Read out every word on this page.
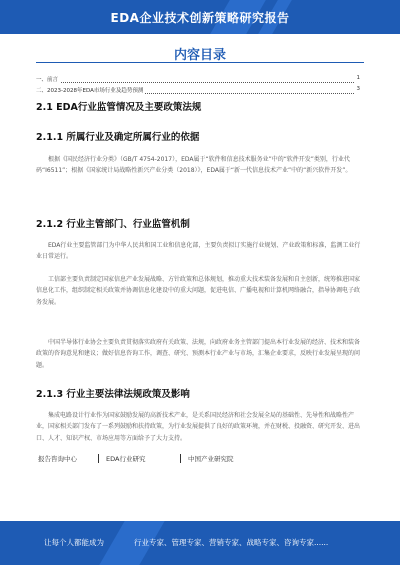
EDA企业技术创新策略研究报告
内容目录
一、前言	1
二、2023-2028年EDA市场行业及趋势预测	3
2.1 EDA行业监管情况及主要政策法规
2.1.1 所属行业及确定所属行业的依据

根据《国民经济行业分类》（GB/T 4754-2017），EDA属于“软件和信息技术服务业”中的“软件开发”类别，行业代码“I6511”；根据《国家统计局战略性新兴产业分类（2018）》，EDA属于“新一代信息技术产业”中的“新兴软件开发”。

2.1.2 行业主管部门、行业监管机制

EDA行业主要监管部门为中华人民共和国工业和信息化部，主要负责拟订实施行业规划、产业政策和标准，监测工业行业日常运行。

工信部主要负责制定国家信息产业发展战略、方针政策和总体规划，推动重大技术装备发展和自主创新，统筹推进国家信息化工作，组织制定相关政策并协调信息化建设中的重大问题，促进电信、广播电视和计算机网络融合，指导协调电子政务发展。

中国半导体行业协会主要负责贯彻落实政府有关政策、法规，向政府业务主管部门提出本行业发展的经济、技术和装备政策的咨询意见和建议；做好信息咨询工作，调查、研究、预测本行业产业与市场，汇集企业要求，反映行业发展呈现的问题。

2.1.3 行业主要法律法规政策及影响

集成电路设计行业作为国家鼓励发展的高新技术产业，是关系国民经济和社会发展全局的基础性、先导性和战略性产业，国家相关部门发布了一系列鼓励和扶持政策，为行业发展提供了良好的政策环境，并在财税、投融资、研究开发、进出口、人才、知识产权、市场应用等方面给予了大力支持。

报告咨询中心	EDA行业研究	中国产业研究院
让每个人都能成为	行业专家、管理专家、营销专家、战略专家、咨询专家......
